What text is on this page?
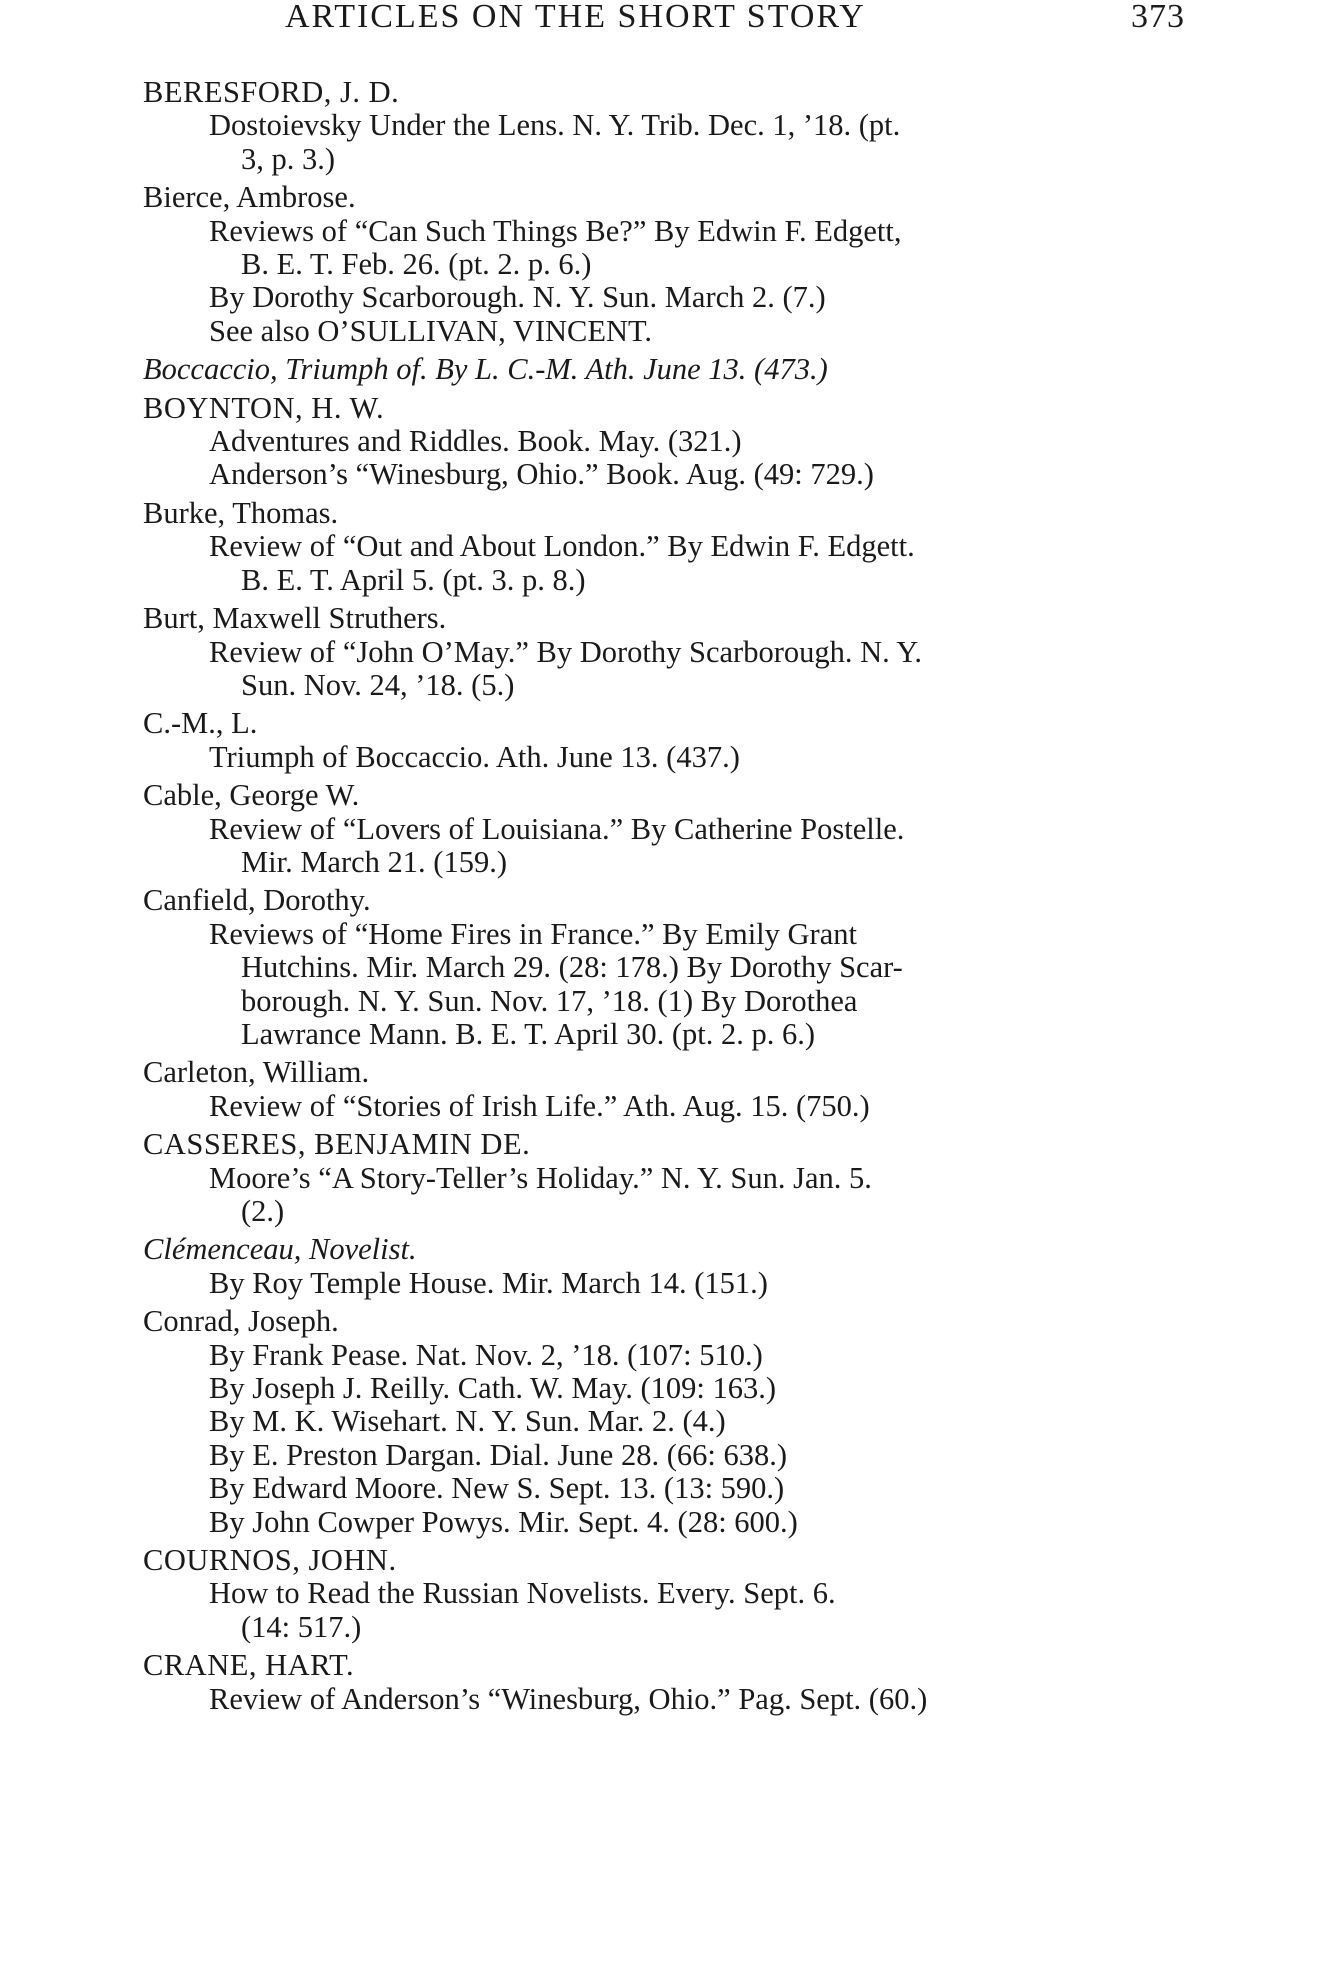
ARTICLES ON THE SHORT STORY	373
BERESFORD, J. D.
Dostoievsky Under the Lens. N. Y. Trib. Dec. 1, ’18. (pt.
3, p. 3.)
Bierce, Ambrose.
Reviews of “Can Such Things Be?” By Edwin F. Edgett,
B. E. T. Feb. 26. (pt. 2. p. 6.)
By Dorothy Scarborough. N. Y. Sun. March 2. (7.)
See also O’SULLIVAN, VINCENT.
Boccaccio, Triumph of. By L. C.-M. Ath. June 13. (473.)
BOYNTON, H. W.
Adventures and Riddles. Book. May. (321.)
Anderson’s “Winesburg, Ohio.” Book. Aug. (49: 729.)
Burke, Thomas.
Review of “Out and About London.” By Edwin F. Edgett.
B. E. T. April 5. (pt. 3. p. 8.)
Burt, Maxwell Struthers.
Review of “John O’May.” By Dorothy Scarborough. N. Y.
Sun. Nov. 24, ’18. (5.)
C.-M., L.
Triumph of Boccaccio. Ath. June 13. (437.)
Cable, George W.
Review of “Lovers of Louisiana.” By Catherine Postelle.
Mir. March 21. (159.)
Canfield, Dorothy.
Reviews of “Home Fires in France.” By Emily Grant
Hutchins. Mir. March 29. (28: 178.) By Dorothy Scar-
borough. N. Y. Sun. Nov. 17, ’18. (1) By Dorothea
Lawrance Mann. B. E. T. April 30. (pt. 2. p. 6.)
Carleton, William.
Review of “Stories of Irish Life.” Ath. Aug. 15. (750.)
CASSERES, BENJAMIN DE.
Moore’s “A Story-Teller’s Holiday.” N. Y. Sun. Jan. 5.
(2.)
Clémenceau, Novelist.
By Roy Temple House. Mir. March 14. (151.)
Conrad, Joseph.
By Frank Pease. Nat. Nov. 2, ’18. (107: 510.)
By Joseph J. Reilly. Cath. W. May. (109: 163.)
By M. K. Wisehart. N. Y. Sun. Mar. 2. (4.)
By E. Preston Dargan. Dial. June 28. (66: 638.)
By Edward Moore. New S. Sept. 13. (13: 590.)
By John Cowper Powys. Mir. Sept. 4. (28: 600.)
COURNOS, JOHN.
How to Read the Russian Novelists. Every. Sept. 6.
(14: 517.)
CRANE, HART.
Review of Anderson’s “Winesburg, Ohio.” Pag. Sept. (60.)
